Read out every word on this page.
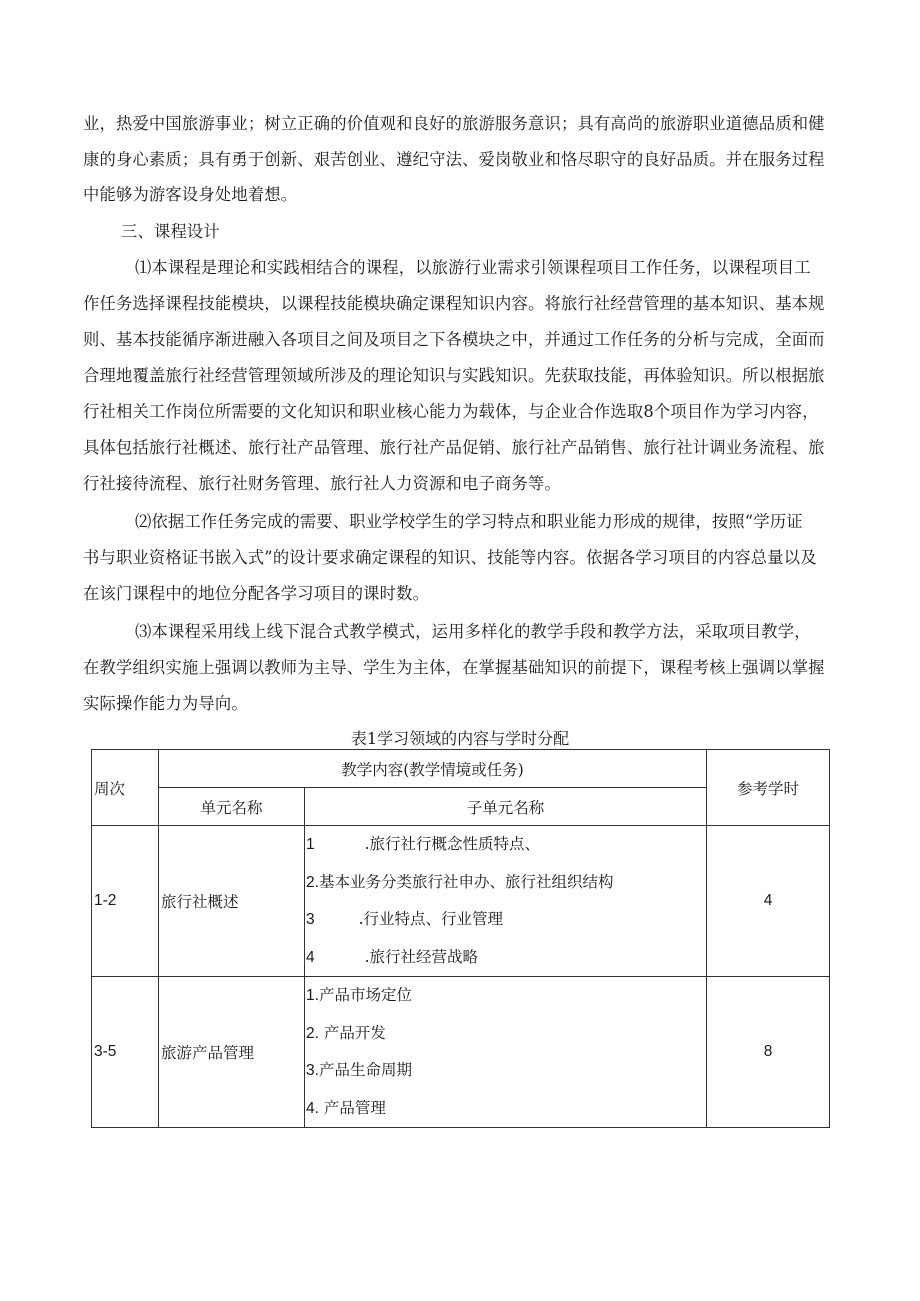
业，热爱中国旅游事业；树立正确的价值观和良好的旅游服务意识；具有高尚的旅游职业道德品质和健
康的身心素质；具有勇于创新、艰苦创业、遵纪守法、爱岗敬业和恪尽职守的良好品质。并在服务过程
中能够为游客设身处地着想。
三、课程设计
⑴本课程是理论和实践相结合的课程，以旅游行业需求引领课程项目工作任务，以课程项目工
作任务选择课程技能模块，以课程技能模块确定课程知识内容。将旅行社经营管理的基本知识、基本规
则、基本技能循序渐进融入各项目之间及项目之下各模块之中，并通过工作任务的分析与完成，全面而
合理地覆盖旅行社经营管理领域所涉及的理论知识与实践知识。先获取技能，再体验知识。所以根据旅
行社相关工作岗位所需要的文化知识和职业核心能力为载体，与企业合作选取8个项目作为学习内容，
具体包括旅行社概述、旅行社产品管理、旅行社产品促销、旅行社产品销售、旅行社计调业务流程、旅
行社接待流程、旅行社财务管理、旅行社人力资源和电子商务等。
⑵依据工作任务完成的需要、职业学校学生的学习特点和职业能力形成的规律，按照“学历证
书与职业资格证书嵌入式”的设计要求确定课程的知识、技能等内容。依据各学习项目的内容总量以及
在该门课程中的地位分配各学习项目的课时数。
⑶本课程采用线上线下混合式教学模式，运用多样化的教学手段和教学方法，采取项目教学，
在教学组织实施上强调以教师为主导、学生为主体，在掌握基础知识的前提下，课程考核上强调以掌握
实际操作能力为导向。
表1学习领域的内容与学时分配
周次	教学内容(教学情境或任务)		参考学时
	单元名称	子单元名称	
1-2	旅行社概述	1 .旅行社行概念性质特点、
2.基本业务分类旅行社申办、旅行社组织结构
3 .行业特点、行业管理
4 .旅行社经营战略	4
3-5	旅游产品管理	1.产品市场定位
2. 产品开发
3.产品生命周期
4. 产品管理	8
